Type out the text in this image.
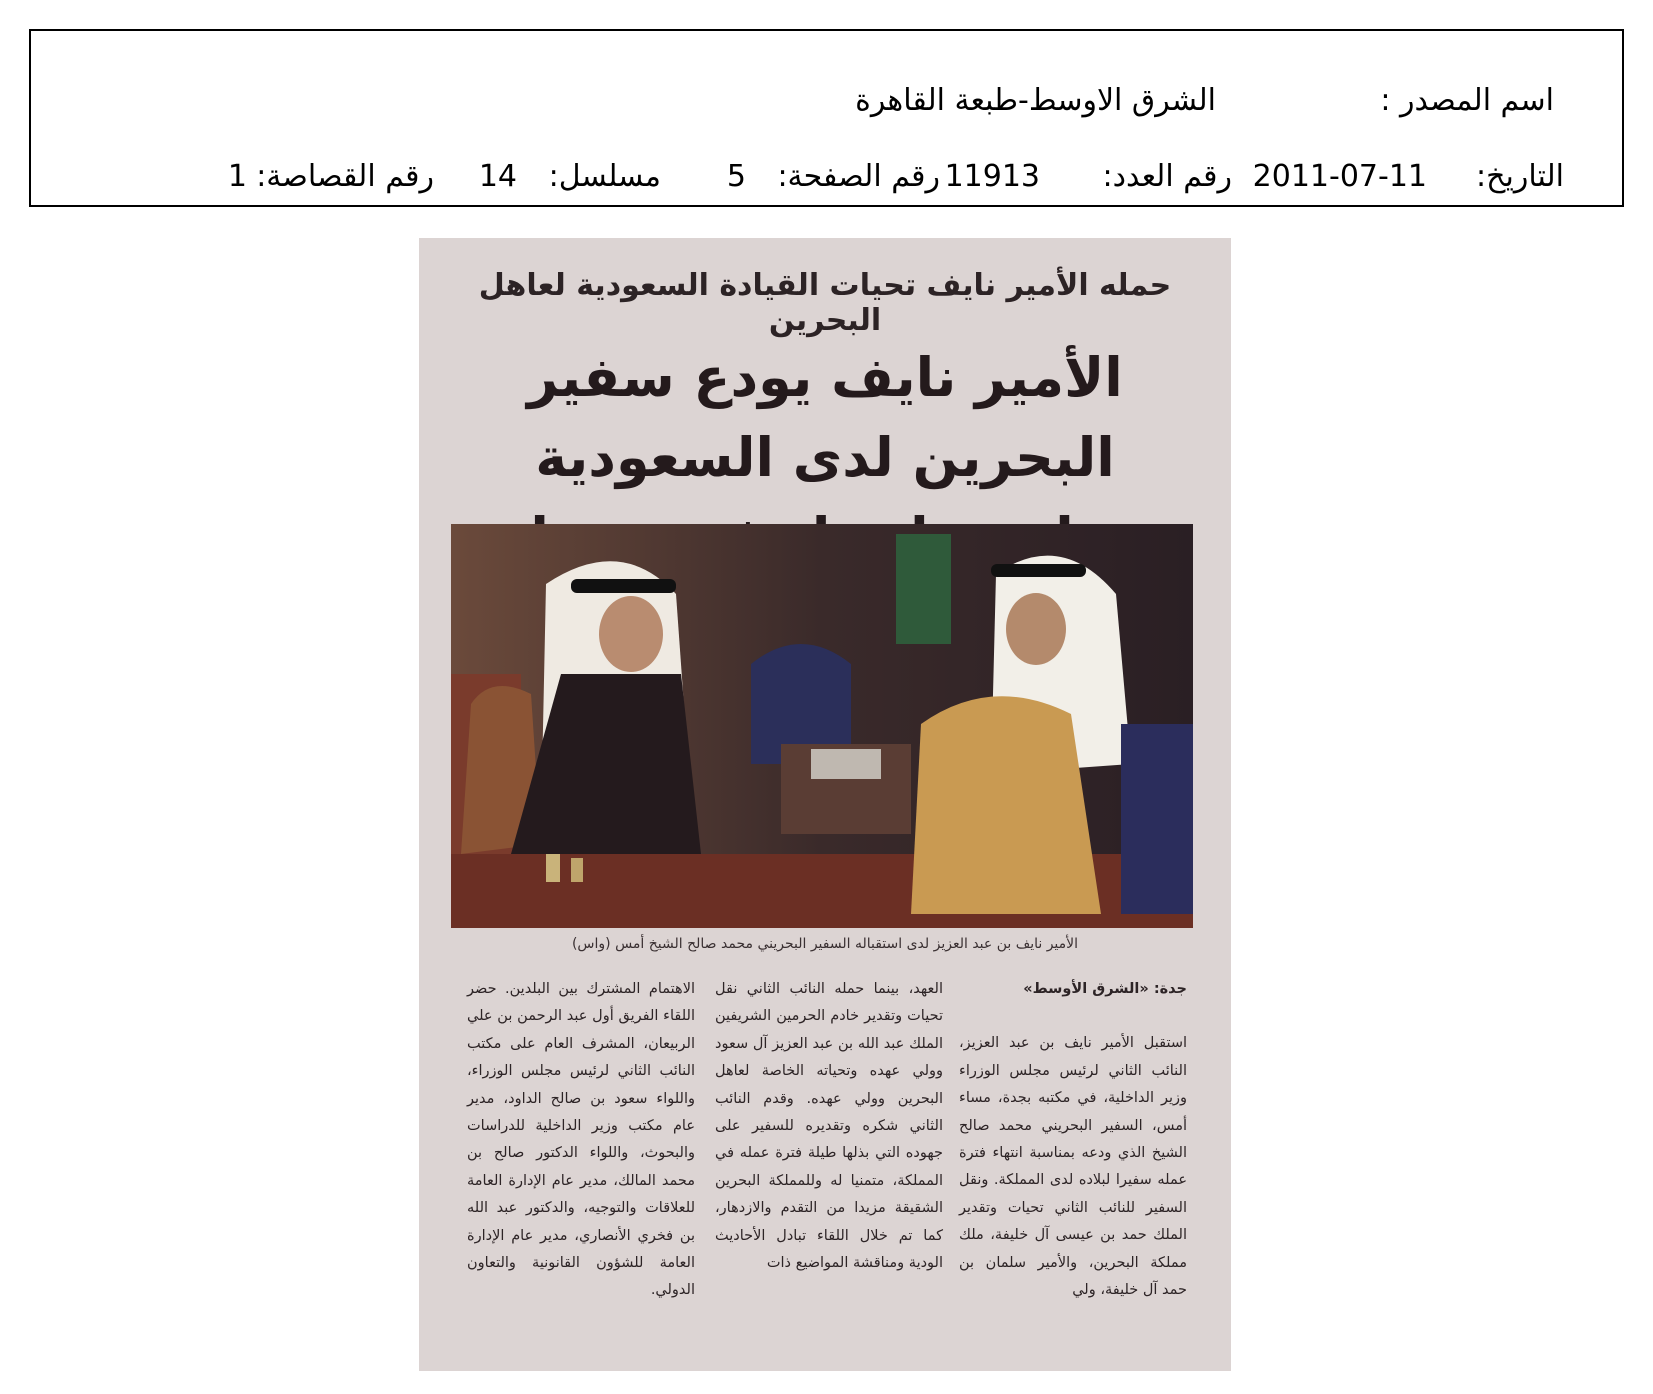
اسم المصدر :
الشرق الاوسط-طبعة القاهرة
التاريخ:
2011-07-11
رقم العدد:
11913
رقم الصفحة:
5
مسلسل:
14
رقم القصاصة:
1
حمله الأمير نايف تحيات القيادة السعودية لعاهل البحرين
الأمير نايف يودع سفير البحرين لدى السعودية
الأمير نايف بن عبد العزيز لدى استقباله السفير البحريني محمد صالح الشيخ أمس (واس)

جدة: «الشرق الأوسط»

استقبل الأمير نايف بن عبد العزيز، النائب الثاني لرئيس مجلس الوزراء وزير الداخلية، في مكتبه بجدة، مساء أمس، السفير البحريني محمد صالح الشيخ الذي ودعه بمناسبة انتهاء فترة عمله سفيرا لبلاده لدى المملكة. ونقل السفير للنائب الثاني تحيات وتقدير الملك حمد بن عيسى آل خليفة، ملك مملكة البحرين، والأمير سلمان بن حمد آل خليفة، ولي

العهد، بينما حمله النائب الثاني نقل تحيات وتقدير خادم الحرمين الشريفين الملك عبد الله بن عبد العزيز آل سعود وولي عهده وتحياته الخاصة لعاهل البحرين وولي عهده. وقدم النائب الثاني شكره وتقديره للسفير على جهوده التي بذلها طيلة فترة عمله في المملكة، متمنيا له وللمملكة البحرين الشقيقة مزيدا من التقدم والازدهار، كما تم خلال اللقاء تبادل الأحاديث الودية ومناقشة المواضيع ذات

الاهتمام المشترك بين البلدين. حضر اللقاء الفريق أول عبد الرحمن بن علي الربيعان، المشرف العام على مكتب النائب الثاني لرئيس مجلس الوزراء، واللواء سعود بن صالح الداود، مدير عام مكتب وزير الداخلية للدراسات والبحوث، واللواء الدكتور صالح بن محمد المالك، مدير عام الإدارة العامة للعلاقات والتوجيه، والدكتور عبد الله بن فخري الأنصاري، مدير عام الإدارة العامة للشؤون القانونية والتعاون الدولي.
